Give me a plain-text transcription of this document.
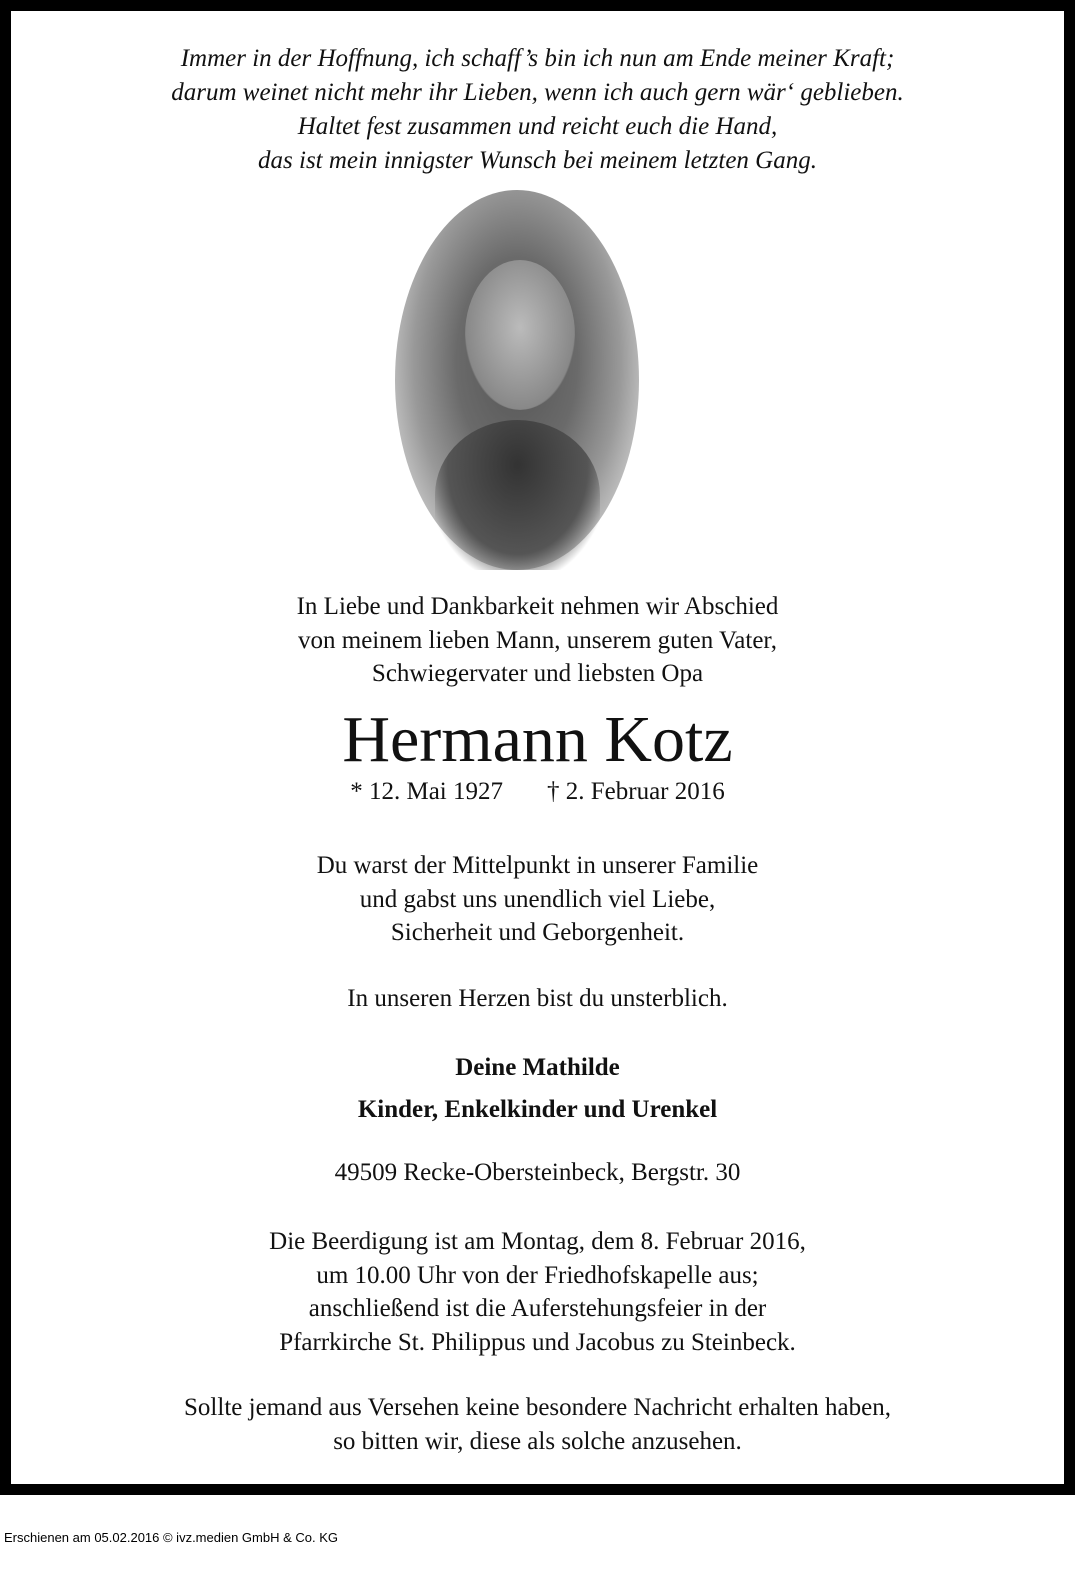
Immer in der Hoffnung, ich schaff’s bin ich nun am Ende meiner Kraft;
darum weinet nicht mehr ihr Lieben, wenn ich auch gern wär‘ geblieben.
Haltet fest zusammen und reicht euch die Hand,
das ist mein innigster Wunsch bei meinem letzten Gang.
In Liebe und Dankbarkeit nehmen wir Abschied
von meinem lieben Mann, unserem guten Vater,
Schwiegervater und liebsten Opa
Hermann Kotz
* 12. Mai 1927 † 2. Februar 2016
Du warst der Mittelpunkt in unserer Familie
und gabst uns unendlich viel Liebe,
Sicherheit und Geborgenheit.
In unseren Herzen bist du unsterblich.
Deine Mathilde
Kinder, Enkelkinder und Urenkel
49509 Recke-Obersteinbeck, Bergstr. 30
Die Beerdigung ist am Montag, dem 8. Februar 2016,
um 10.00 Uhr von der Friedhofskapelle aus;
anschließend ist die Auferstehungsfeier in der
Pfarrkirche St. Philippus und Jacobus zu Steinbeck.
Sollte jemand aus Versehen keine besondere Nachricht erhalten haben,
so bitten wir, diese als solche anzusehen.
Erschienen am 05.02.2016 © ivz.medien GmbH & Co. KG
